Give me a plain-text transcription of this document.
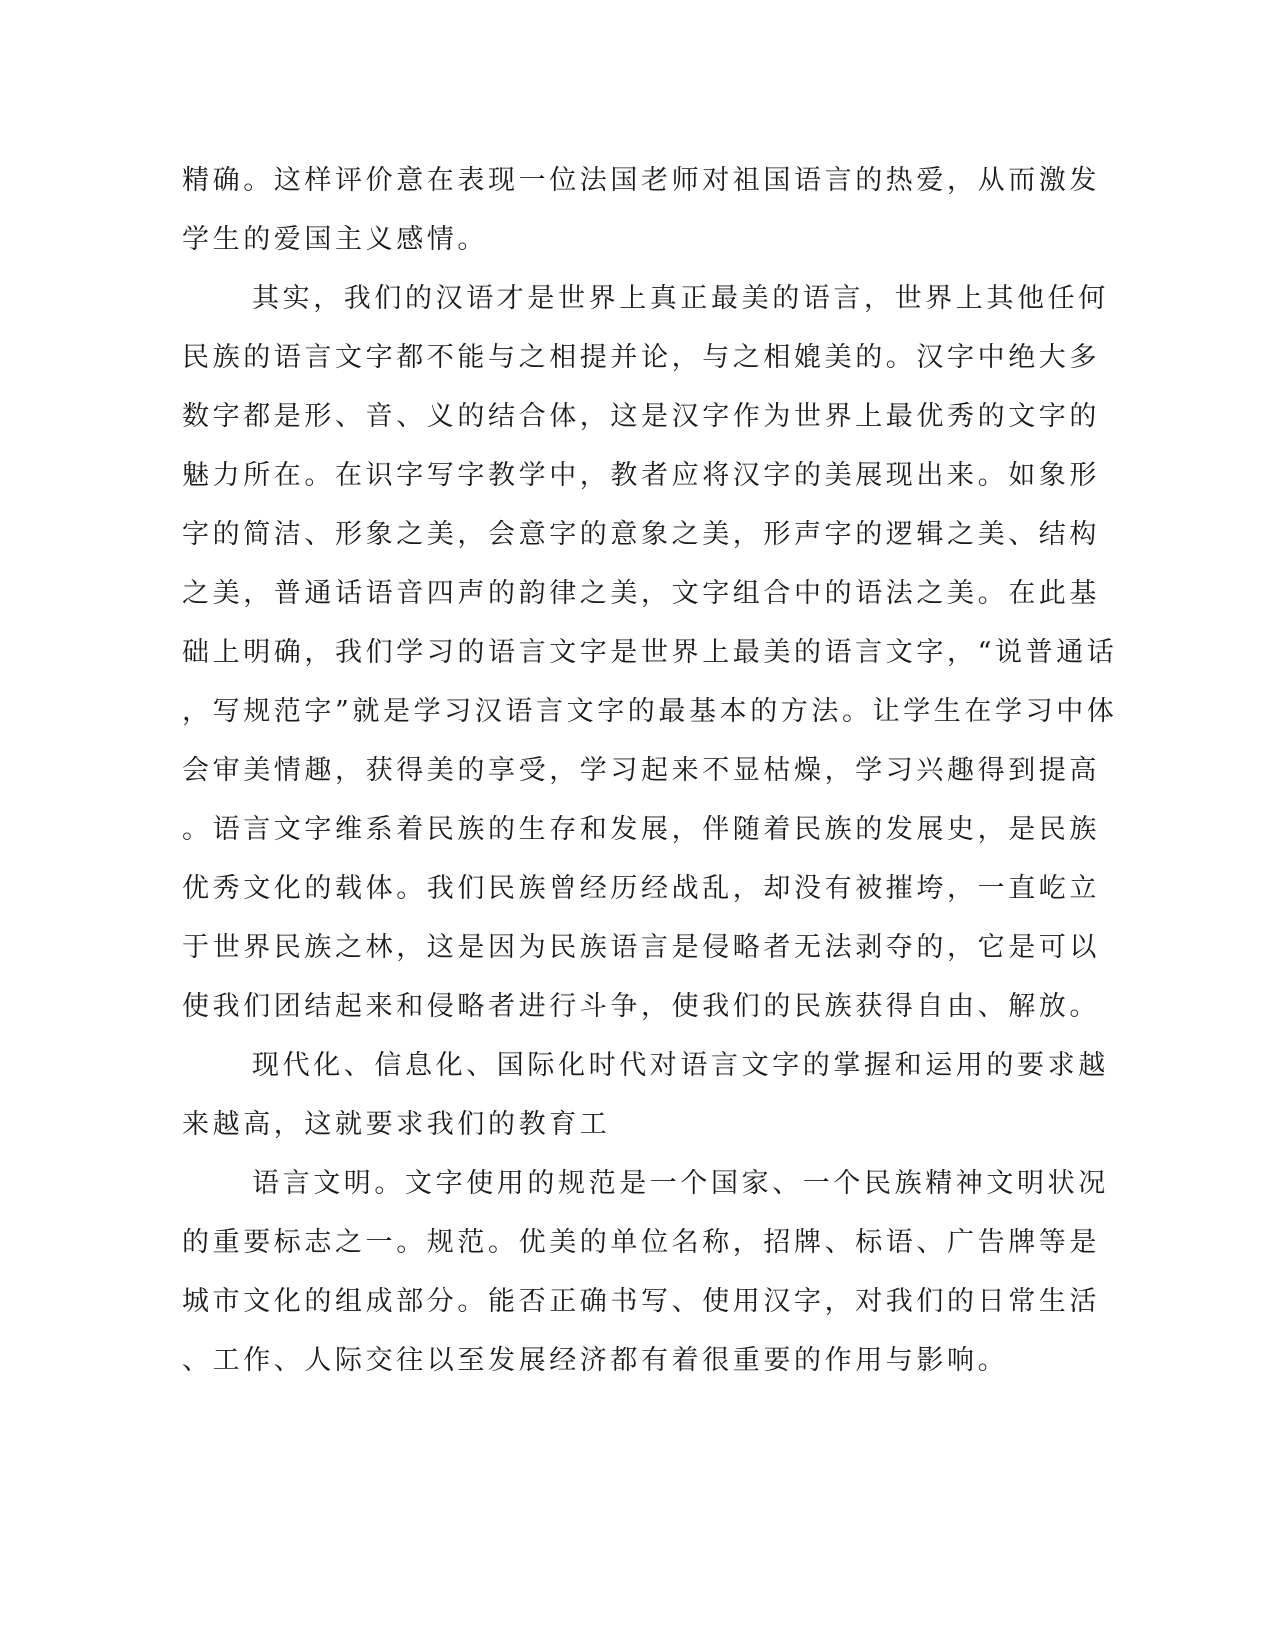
精确。这样评价意在表现一位法国老师对祖国语言的热爱，从而激发
学生的爱国主义感情。
其实，我们的汉语才是世界上真正最美的语言，世界上其他任何
民族的语言文字都不能与之相提并论，与之相媲美的。汉字中绝大多
数字都是形、音、义的结合体，这是汉字作为世界上最优秀的文字的
魅力所在。在识字写字教学中，教者应将汉字的美展现出来。如象形
字的简洁、形象之美，会意字的意象之美，形声字的逻辑之美、结构
之美，普通话语音四声的韵律之美，文字组合中的语法之美。在此基
础上明确，我们学习的语言文字是世界上最美的语言文字，“说普通话
，写规范字”就是学习汉语言文字的最基本的方法。让学生在学习中体
会审美情趣，获得美的享受，学习起来不显枯燥，学习兴趣得到提高
。语言文字维系着民族的生存和发展，伴随着民族的发展史，是民族
优秀文化的载体。我们民族曾经历经战乱，却没有被摧垮，一直屹立
于世界民族之林，这是因为民族语言是侵略者无法剥夺的，它是可以
使我们团结起来和侵略者进行斗争，使我们的民族获得自由、解放。
现代化、信息化、国际化时代对语言文字的掌握和运用的要求越
来越高，这就要求我们的教育工
语言文明。文字使用的规范是一个国家、一个民族精神文明状况
的重要标志之一。规范。优美的单位名称，招牌、标语、广告牌等是
城市文化的组成部分。能否正确书写、使用汉字，对我们的日常生活
、工作、人际交往以至发展经济都有着很重要的作用与影响。
